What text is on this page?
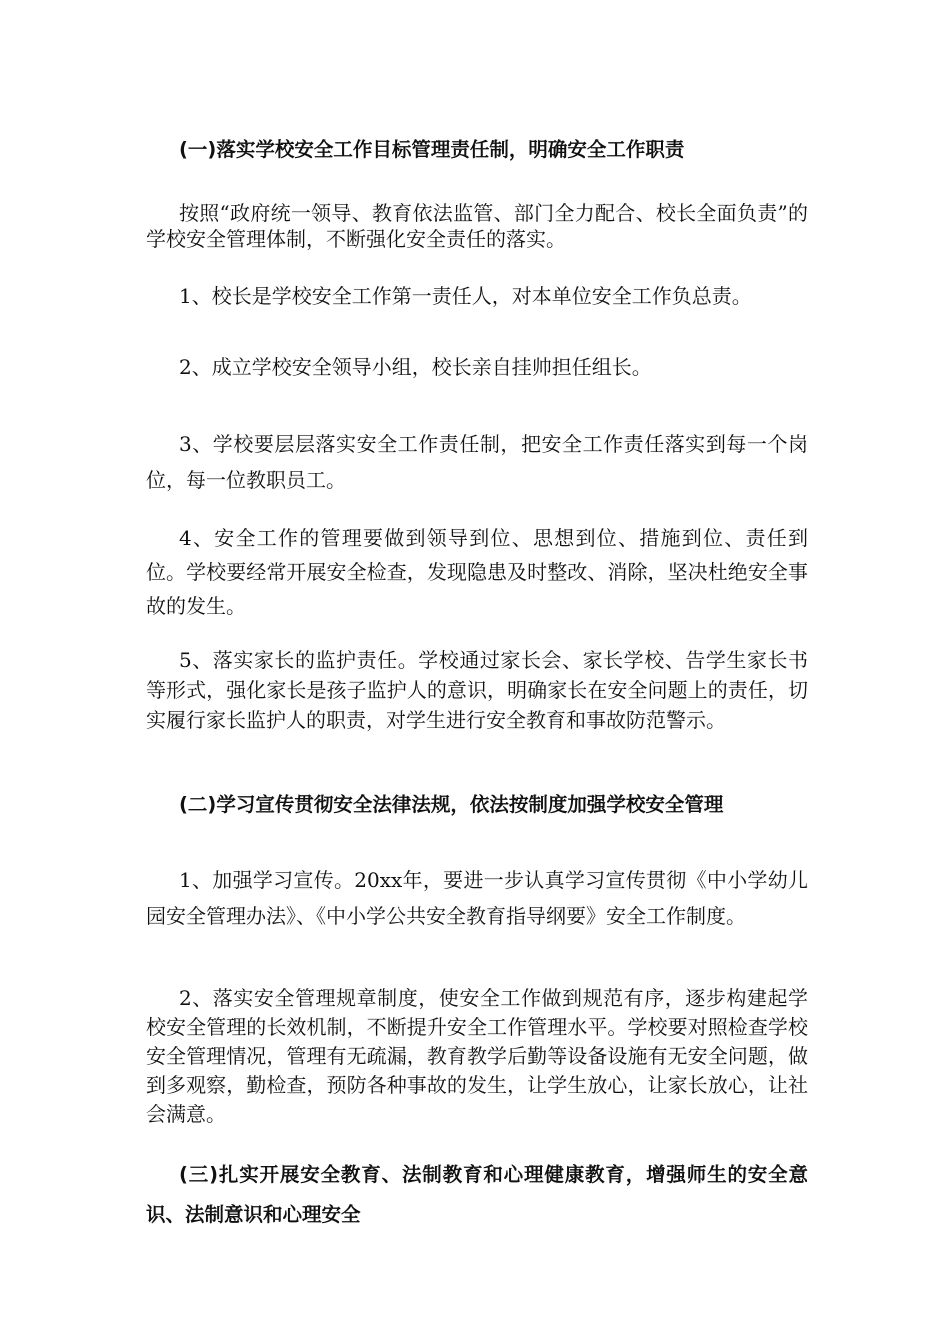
(一)落实学校安全工作目标管理责任制，明确安全工作职责
按照“政府统一领导、教育依法监管、部门全力配合、校长全面负责”的学校安全管理体制，不断强化安全责任的落实。
1、校长是学校安全工作第一责任人，对本单位安全工作负总责。
2、成立学校安全领导小组，校长亲自挂帅担任组长。
3、学校要层层落实安全工作责任制，把安全工作责任落实到每一个岗位，每一位教职员工。
4、安全工作的管理要做到领导到位、思想到位、措施到位、责任到位。学校要经常开展安全检查，发现隐患及时整改、消除，坚决杜绝安全事故的发生。
5、落实家长的监护责任。学校通过家长会、家长学校、告学生家长书等形式，强化家长是孩子监护人的意识，明确家长在安全问题上的责任，切实履行家长监护人的职责，对学生进行安全教育和事故防范警示。
(二)学习宣传贯彻安全法律法规，依法按制度加强学校安全管理
1、加强学习宣传。20xx年，要进一步认真学习宣传贯彻《中小学幼儿园安全管理办法》、《中小学公共安全教育指导纲要》安全工作制度。
2、落实安全管理规章制度，使安全工作做到规范有序，逐步构建起学校安全管理的长效机制，不断提升安全工作管理水平。学校要对照检查学校安全管理情况，管理有无疏漏，教育教学后勤等设备设施有无安全问题，做到多观察，勤检查，预防各种事故的发生，让学生放心，让家长放心，让社会满意。
(三)扎实开展安全教育、法制教育和心理健康教育，增强师生的安全意识、法制意识和心理安全
